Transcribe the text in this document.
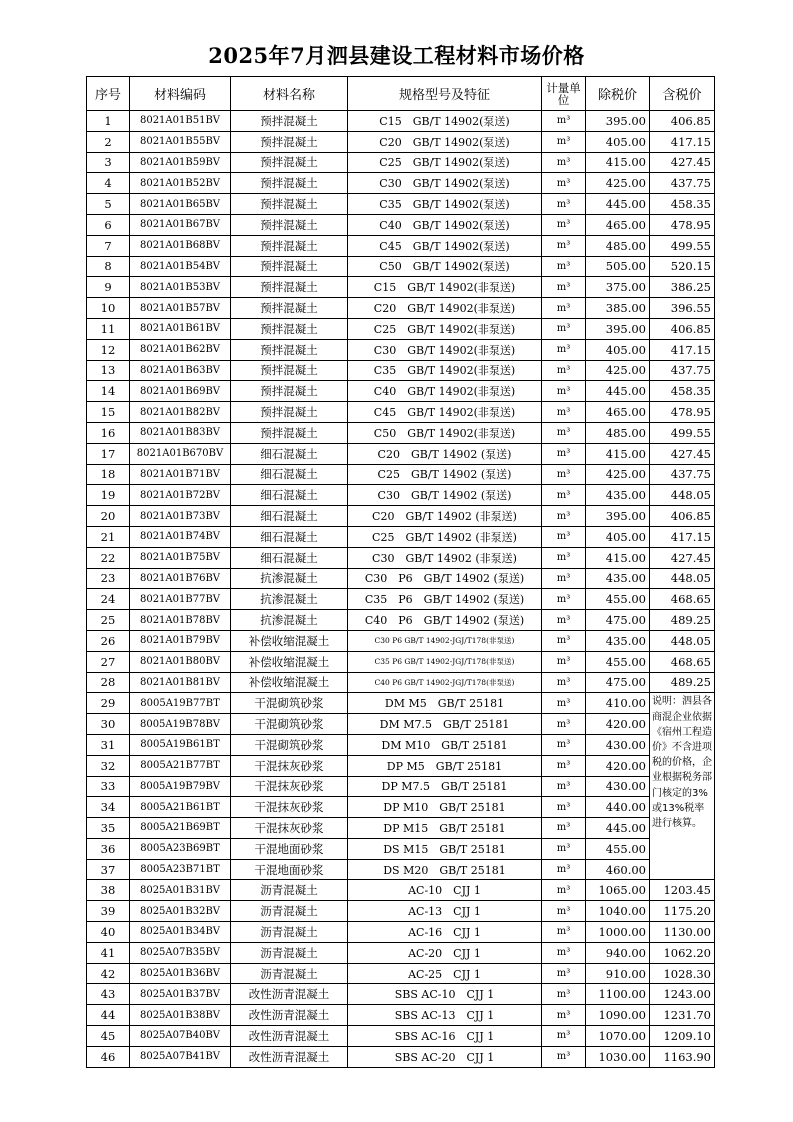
2025年7月泗县建设工程材料市场价格
序号	材料编码	材料名称	规格型号及特征	计量单位	除税价	含税价
1	8021A01B51BV	预拌混凝土	C15　GB/T 14902(泵送)	m³	395.00	406.85
2	8021A01B55BV	预拌混凝土	C20　GB/T 14902(泵送)	m³	405.00	417.15
3	8021A01B59BV	预拌混凝土	C25　GB/T 14902(泵送)	m³	415.00	427.45
4	8021A01B52BV	预拌混凝土	C30　GB/T 14902(泵送)	m³	425.00	437.75
5	8021A01B65BV	预拌混凝土	C35　GB/T 14902(泵送)	m³	445.00	458.35
6	8021A01B67BV	预拌混凝土	C40　GB/T 14902(泵送)	m³	465.00	478.95
7	8021A01B68BV	预拌混凝土	C45　GB/T 14902(泵送)	m³	485.00	499.55
8	8021A01B54BV	预拌混凝土	C50　GB/T 14902(泵送)	m³	505.00	520.15
9	8021A01B53BV	预拌混凝土	C15　GB/T 14902(非泵送)	m³	375.00	386.25
10	8021A01B57BV	预拌混凝土	C20　GB/T 14902(非泵送)	m³	385.00	396.55
11	8021A01B61BV	预拌混凝土	C25　GB/T 14902(非泵送)	m³	395.00	406.85
12	8021A01B62BV	预拌混凝土	C30　GB/T 14902(非泵送)	m³	405.00	417.15
13	8021A01B63BV	预拌混凝土	C35　GB/T 14902(非泵送)	m³	425.00	437.75
14	8021A01B69BV	预拌混凝土	C40　GB/T 14902(非泵送)	m³	445.00	458.35
15	8021A01B82BV	预拌混凝土	C45　GB/T 14902(非泵送)	m³	465.00	478.95
16	8021A01B83BV	预拌混凝土	C50　GB/T 14902(非泵送)	m³	485.00	499.55
17	8021A01B670BV	细石混凝土	C20　GB/T 14902 (泵送)	m³	415.00	427.45
18	8021A01B71BV	细石混凝土	C25　GB/T 14902 (泵送)	m³	425.00	437.75
19	8021A01B72BV	细石混凝土	C30　GB/T 14902 (泵送)	m³	435.00	448.05
20	8021A01B73BV	细石混凝土	C20　GB/T 14902 (非泵送)	m³	395.00	406.85
21	8021A01B74BV	细石混凝土	C25　GB/T 14902 (非泵送)	m³	405.00	417.15
22	8021A01B75BV	细石混凝土	C30　GB/T 14902 (非泵送)	m³	415.00	427.45
23	8021A01B76BV	抗渗混凝土	C30　P6　GB/T 14902 (泵送)	m³	435.00	448.05
24	8021A01B77BV	抗渗混凝土	C35　P6　GB/T 14902 (泵送)	m³	455.00	468.65
25	8021A01B78BV	抗渗混凝土	C40　P6　GB/T 14902 (泵送)	m³	475.00	489.25
26	8021A01B79BV	补偿收缩混凝土	C30 P6 GB/T 14902-JGJ/T178(非泵送)	m³	435.00	448.05
27	8021A01B80BV	补偿收缩混凝土	C35 P6 GB/T 14902-JGJ/T178(非泵送)	m³	455.00	468.65
28	8021A01B81BV	补偿收缩混凝土	C40 P6 GB/T 14902-JGJ/T178(非泵送)	m³	475.00	489.25
29	8005A19B77BT	干混砌筑砂浆	DM M5　GB/T 25181	m³	410.00	说明：泗县各商混企业依据《宿州工程造价》不含进项税的价格，企业根据税务部门核定的3%或13%税率进行核算。
30	8005A19B78BV	干混砌筑砂浆	DM M7.5　GB/T 25181	m³	420.00	
31	8005A19B61BT	干混砌筑砂浆	DM M10　GB/T 25181	m³	430.00	
32	8005A21B77BT	干混抹灰砂浆	DP M5　GB/T 25181	m³	420.00	
33	8005A19B79BV	干混抹灰砂浆	DP M7.5　GB/T 25181	m³	430.00	
34	8005A21B61BT	干混抹灰砂浆	DP M10　GB/T 25181	m³	440.00	
35	8005A21B69BT	干混抹灰砂浆	DP M15　GB/T 25181	m³	445.00	
36	8005A23B69BT	干混地面砂浆	DS M15　GB/T 25181	m³	455.00	
37	8005A23B71BT	干混地面砂浆	DS M20　GB/T 25181	m³	460.00	
38	8025A01B31BV	沥青混凝土	AC-10　CJJ 1	m³	1065.00	1203.45
39	8025A01B32BV	沥青混凝土	AC-13　CJJ 1	m³	1040.00	1175.20
40	8025A01B34BV	沥青混凝土	AC-16　CJJ 1	m³	1000.00	1130.00
41	8025A07B35BV	沥青混凝土	AC-20　CJJ 1	m³	940.00	1062.20
42	8025A01B36BV	沥青混凝土	AC-25　CJJ 1	m³	910.00	1028.30
43	8025A01B37BV	改性沥青混凝土	SBS AC-10　CJJ 1	m³	1100.00	1243.00
44	8025A01B38BV	改性沥青混凝土	SBS AC-13　CJJ 1	m³	1090.00	1231.70
45	8025A07B40BV	改性沥青混凝土	SBS AC-16　CJJ 1	m³	1070.00	1209.10
46	8025A07B41BV	改性沥青混凝土	SBS AC-20　CJJ 1	m³	1030.00	1163.90
